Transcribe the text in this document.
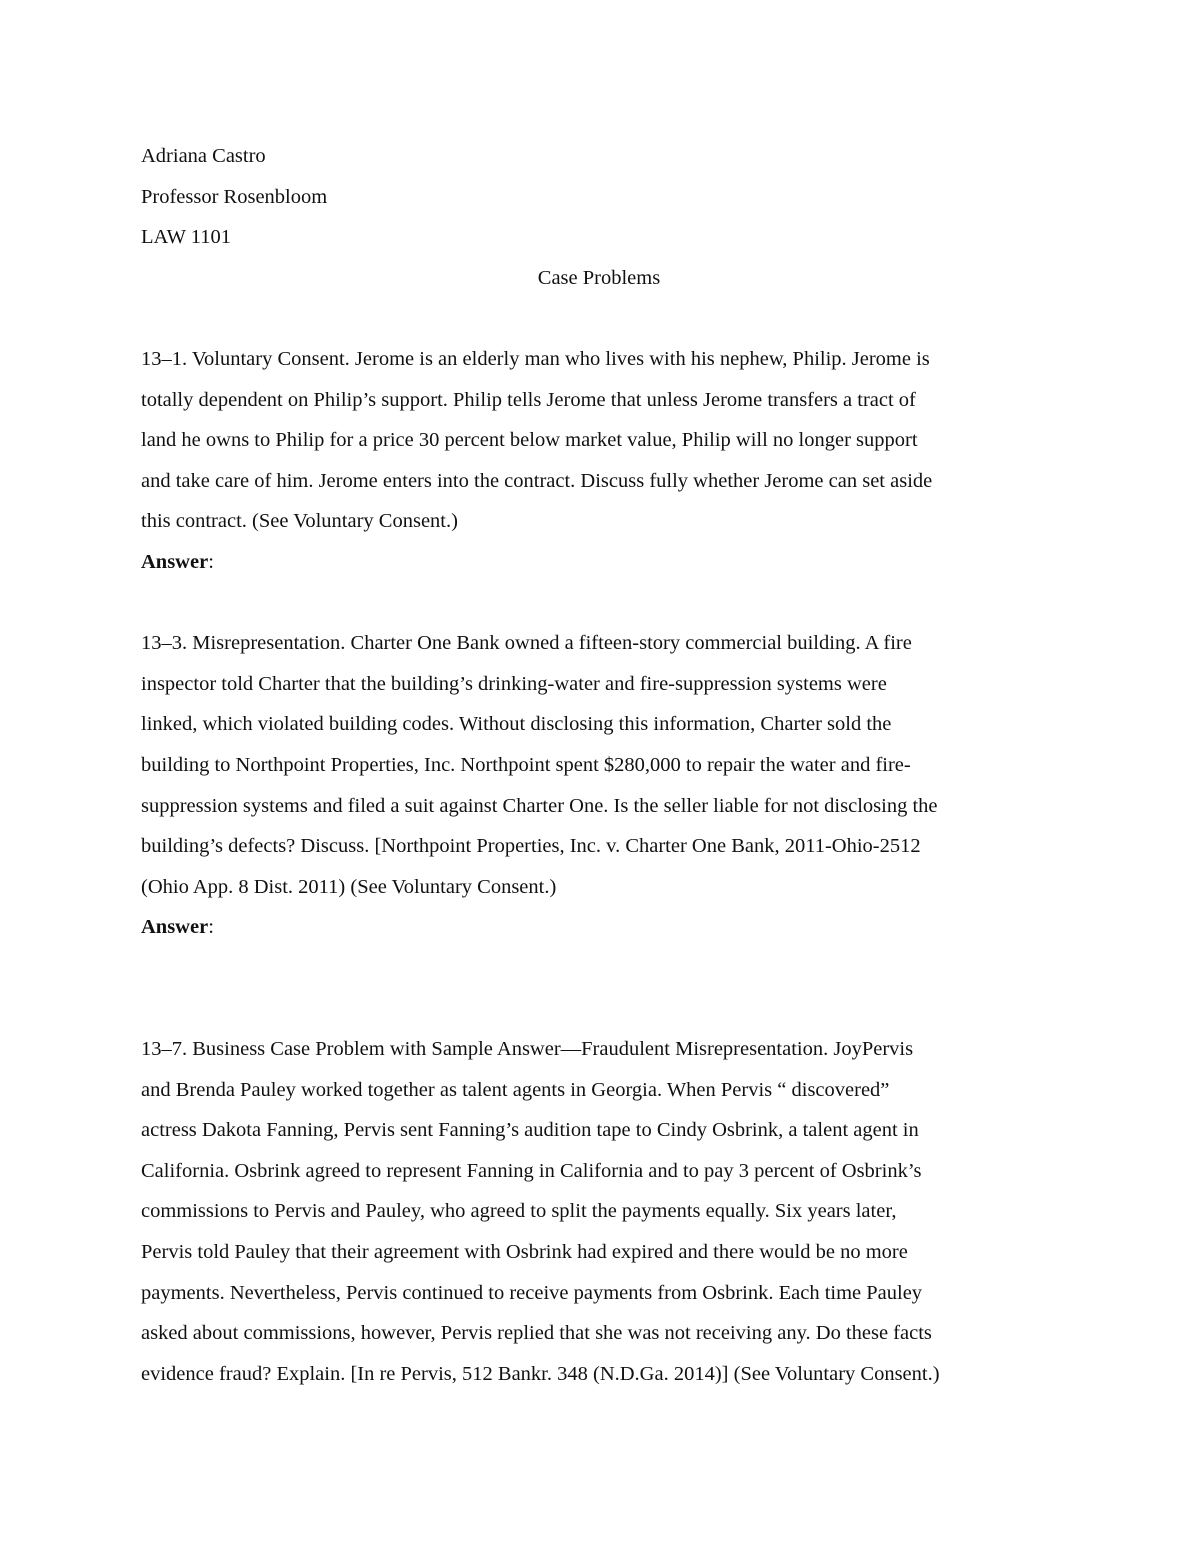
Adriana Castro
Professor Rosenbloom
LAW 1101
Case Problems
13–1. Voluntary Consent. Jerome is an elderly man who lives with his nephew, Philip. Jerome is
totally dependent on Philip’s support. Philip tells Jerome that unless Jerome transfers a tract of
land he owns to Philip for a price 30 percent below market value, Philip will no longer support
and take care of him. Jerome enters into the contract. Discuss fully whether Jerome can set aside
this contract. (See Voluntary Consent.)
Answer:
13–3. Misrepresentation. Charter One Bank owned a fifteen-story commercial building. A fire
inspector told Charter that the building’s drinking-water and fire-suppression systems were
linked, which violated building codes. Without disclosing this information, Charter sold the
building to Northpoint Properties, Inc. Northpoint spent $280,000 to repair the water and fire-
suppression systems and filed a suit against Charter One. Is the seller liable for not disclosing the
building’s defects? Discuss. [Northpoint Properties, Inc. v. Charter One Bank, 2011-Ohio-2512
(Ohio App. 8 Dist. 2011) (See Voluntary Consent.)
Answer:
13–7. Business Case Problem with Sample Answer—Fraudulent Misrepresentation. JoyPervis
and Brenda Pauley worked together as talent agents in Georgia. When Pervis “ discovered”
actress Dakota Fanning, Pervis sent Fanning’s audition tape to Cindy Osbrink, a talent agent in
California. Osbrink agreed to represent Fanning in California and to pay 3 percent of Osbrink’s
commissions to Pervis and Pauley, who agreed to split the payments equally. Six years later,
Pervis told Pauley that their agreement with Osbrink had expired and there would be no more
payments. Nevertheless, Pervis continued to receive payments from Osbrink. Each time Pauley
asked about commissions, however, Pervis replied that she was not receiving any. Do these facts
evidence fraud? Explain. [In re Pervis, 512 Bankr. 348 (N.D.Ga. 2014)] (See Voluntary Consent.)
